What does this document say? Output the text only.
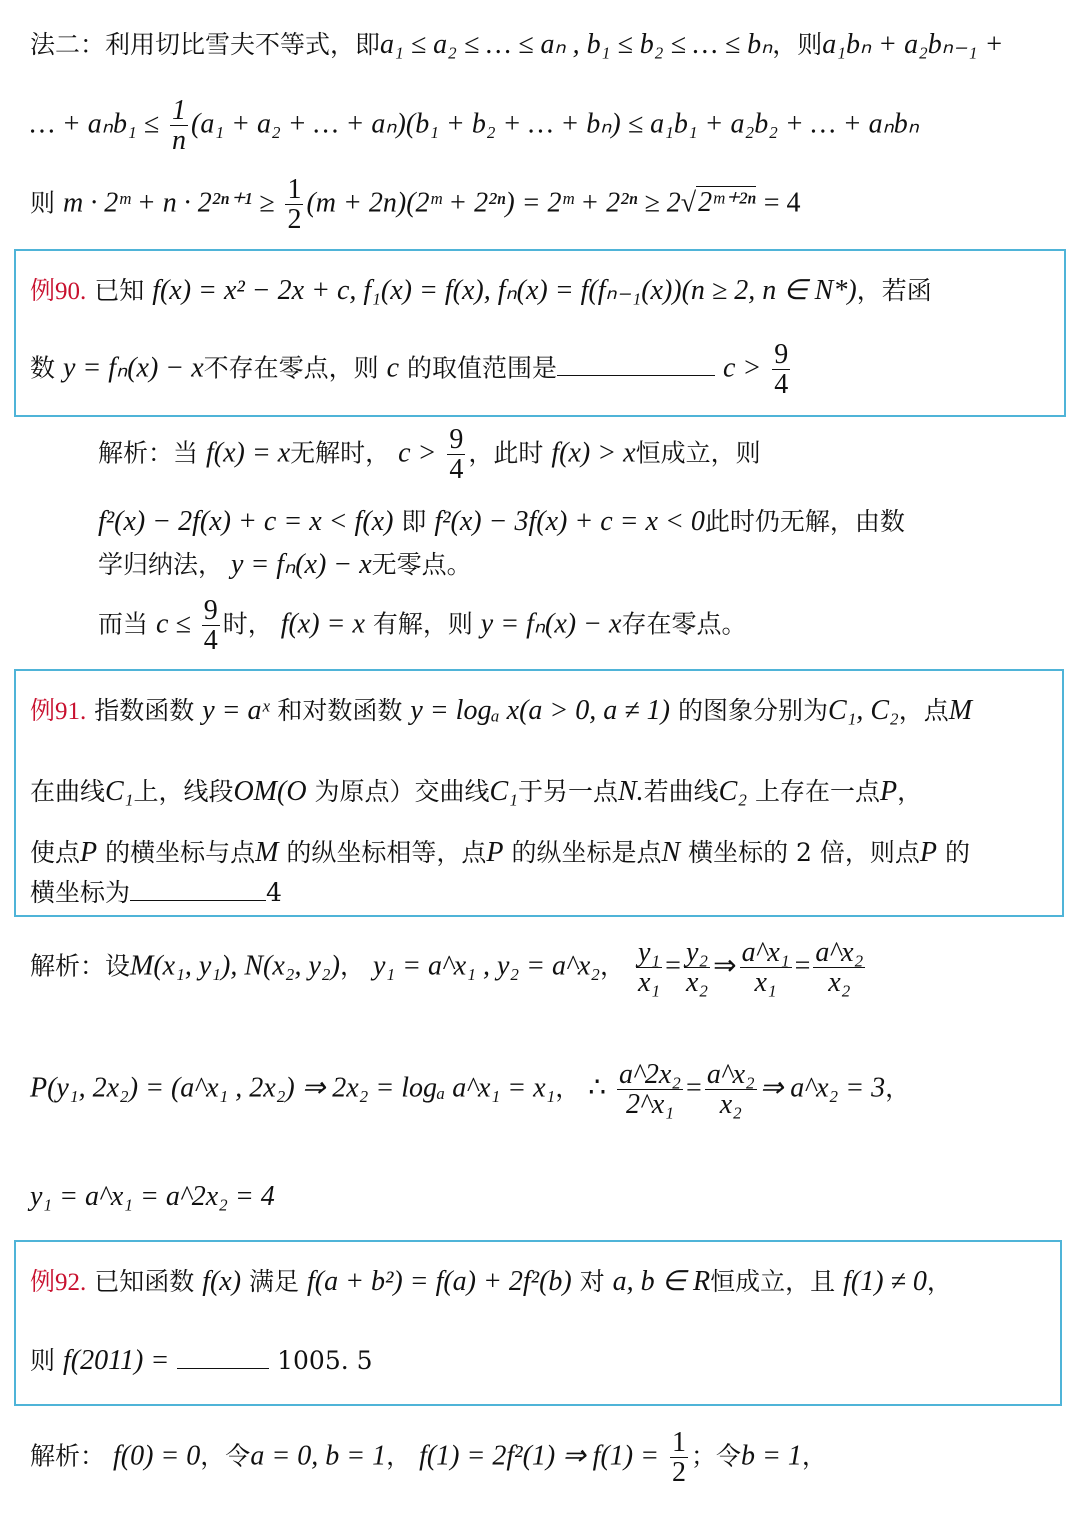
法二：利用切比雪夫不等式，即a₁ ≤ a₂ ≤ … ≤ aₙ , b₁ ≤ b₂ ≤ … ≤ bₙ，则a₁bₙ + a₂bₙ₋₁ +
… + $a_nb_1 \le \frac{1}{n} (a_1 + a_2$ + … + aₙ)(b₁ + b₂ + … + bₙ) ≤ a₁b₁ + a₂b₂ + … + aₙbₙ
则 m · 2ᵐ + $n \cdot 2^{2n+1} \ge \frac{1}{2} (m$ + 2n)(2ᵐ + 2²ⁿ) = 2ᵐ + 2²ⁿ ≥ 2√2ᵐ⁺²ⁿ = 4
例90. 已知 f(x) = x² − 2x + c, f₁(x) = f(x), fₙ(x) = f(fₙ₋₁(x))(n ≥ 2, n ∈ N*)，若函
数 y = fₙ(x) − x不存在零点，则 c 的取值范围是	$c > \frac{9}{4}$
解析：当 f(x) = x无解时， $c > \frac{9}{4}$ ，此时 f(x) > x恒成立，则
f²(x) − 2f(x) + c = x < f(x) 即 f²(x) − 3f(x) + c = x < 0此时仍无解，由数
学归纳法， y = fₙ(x) − x无零点。
而当 $c \le \frac{9}{4}$ 时， f(x) = x 有解，则 y = fₙ(x) − x存在零点。
例91. 指数函数 y = aˣ 和对数函数 y = logₐ x(a > 0, a ≠ 1) 的图象分别为C₁, C₂，点M
在曲线C₁上，线段OM(O 为原点）交曲线C₁于另一点N.若曲线C₂ 上存在一点P，
使点P 的横坐标与点M 的纵坐标相等，点P 的纵坐标是点N 横坐标的 2 倍，则点P 的
横坐标为	4
解析：设M(x₁, y₁), N(x₂, y₂)， y₁ = a^x₁ , y₂ = a^x₂， $\frac{\text{y₁}}{\text{x₁}} = \frac{\text{y₂}}{\text{x₂}}$ ⇒ $\frac{\text{a\textasciicircum{}x₁}}{\text{x₁}} = \frac{\text{a\textasciicircum{}x₂}}{\text{x₂}}$
P(y₁, 2x₂) = (a^x₁ , 2x₂) ⇒ 2x₂ = logₐ a^x₁ = x₁， ∴ $\frac{\text{a\textasciicircum{}2x₂}}{\text{2\textasciicircum{}x₁}} = \frac{\text{a\textasciicircum{}x₂}}{\text{x₂}}$ ⇒ a^x₂ = 3，
y₁ = a^x₁ = a^2x₂ = 4
例92. 已知函数 f(x) 满足 f(a + b²) = f(a) + 2f²(b) 对 a, b ∈ R恒成立，且 f(1) ≠ 0，
则 f(2011) =	1005. 5
解析： f(0) = 0，令a = 0, b = 1， f(1) = 2f²(1) ⇒ $f(1) = \frac{1}{2}$ ；令b = 1，
